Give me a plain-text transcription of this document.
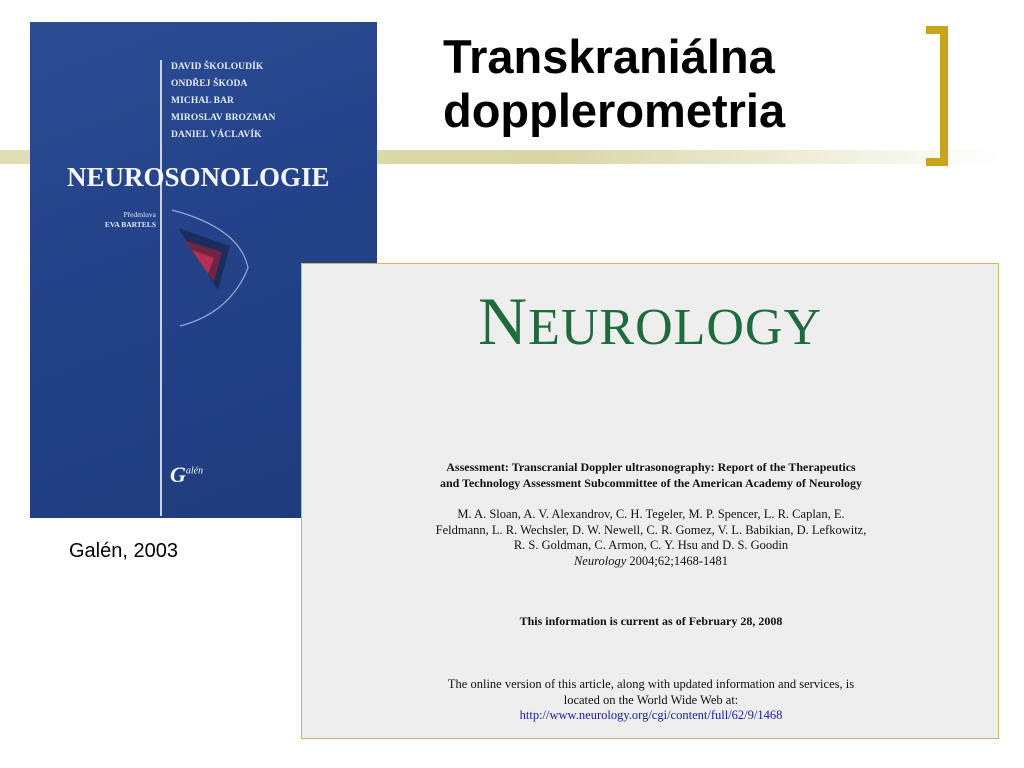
Transkraniálna
dopplerometria
DAVID ŠKOLOUDÍK
ONDŘEJ ŠKODA
MICHAL BAR
MIROSLAV BROZMAN
DANIEL VÁCLAVÍK
NEUROSONOLOGIE
Předmluva
EVA BARTELS
$G^{alén}$

Galén, 2003

NEUROLOGY
Assessment: Transcranial Doppler ultrasonography: Report of the Therapeutics
and Technology Assessment Subcommittee of the American Academy of Neurology
M. A. Sloan, A. V. Alexandrov, C. H. Tegeler, M. P. Spencer, L. R. Caplan, E.
Feldmann, L. R. Wechsler, D. W. Newell, C. R. Gomez, V. L. Babikian, D. Lefkowitz,
R. S. Goldman, C. Armon, C. Y. Hsu and D. S. Goodin
Neurology 2004;62;1468-1481
This information is current as of February 28, 2008
The online version of this article, along with updated information and services, is
located on the World Wide Web at:
http://www.neurology.org/cgi/content/full/62/9/1468
